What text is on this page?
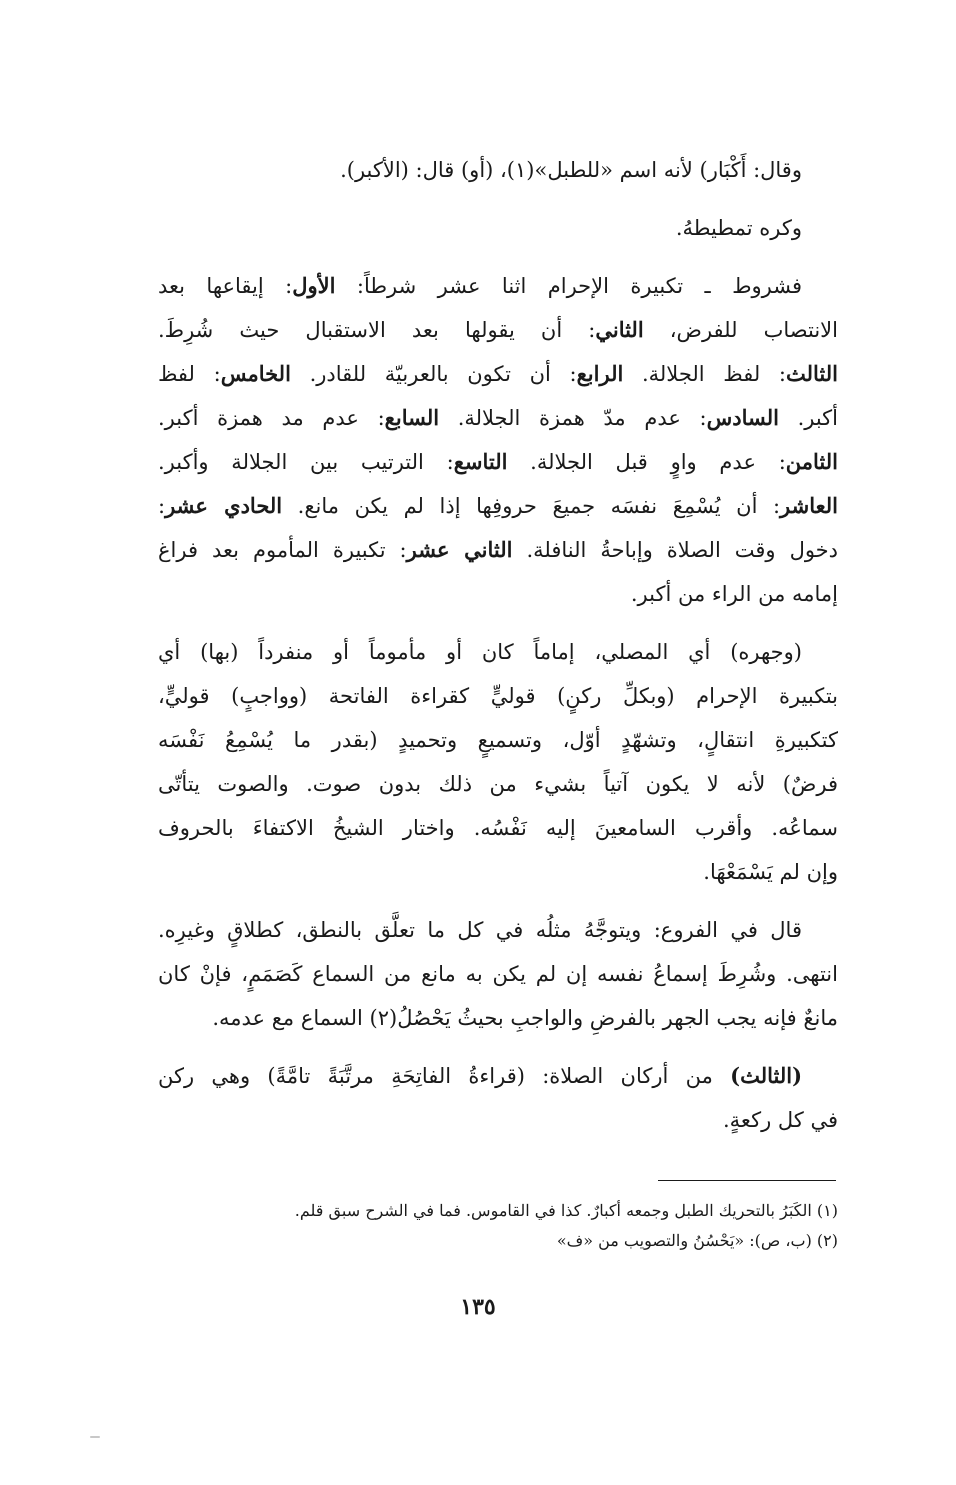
وقال: أَكْبَار) لأنه اسم «للطبل»(١)، (أو) قال: (الأكبر).
وكره تمطيطهُ.
فشروط ـ تكبيرة الإحرام اثنا عشر شرطاً: الأول: إيقاعها بعد
الانتصاب للفرض، الثاني: أن يقولها بعد الاستقبال حيث شُرِطَ.
الثالث: لفظ الجلالة. الرابع: أن تكون بالعربيّة للقادر. الخامس: لفظ
أكبر. السادس: عدم مدّ همزة الجلالة. السابع: عدم مد همزة أكبر.
الثامن: عدم واوٍ قبل الجلالة. التاسع: الترتيب بين الجلالة وأكبر.
العاشر: أن يُسْمِعَ نفسَه جميعَ حروفِها إذا لم يكن مانع. الحادي عشر:
دخول وقت الصلاة وإباحةُ النافلة. الثاني عشر: تكبيرة المأموم بعد فراغ
إمامه من الراء من أكبر.
(وجهره) أي المصلي، إماماً كان أو مأموماً أو منفرداً (بها) أي
بتكبيرة الإحرام (وبكلِّ ركنٍ) قوليٍّ كقراءة الفاتحة (وواجبٍ) قوليٍّ،
كتكبيرةِ انتقالٍ، وتشهّدٍ أوّل، وتسميعٍ وتحميدٍ (بقدر ما يُسْمِعُ نَفْسَه
فرضٌ) لأنه لا يكون آتياً بشيء من ذلك بدون صوت. والصوت يتأتّى
سماعُه. وأقرب السامعينَ إليه نَفْسُه. واختار الشيخُ الاكتفاءَ بالحروف
وإن لم يَسْمَعْهَا.
قال في الفروع: ويتوجَّهُ مثلُه في كل ما تعلَّق بالنطق، كطلاقٍ وغيرِه.
انتهى. وشُرِطَ إسماعُ نفسه إن لم يكن به مانع من السماع كَصَمَمٍ، فإنْ كان
مانعٌ فإنه يجب الجهر بالفرضِ والواجبِ بحيثُ يَحْصُلُ(٢) السماع مع عدمه.
(الثالث) من أركان الصلاة: (قراءةُ الفاتِحَةِ مرتَّبَةً تامَّةً) وهي ركن
في كل ركعةٍ.
(١) الكَبَرُ بالتحريك الطبل وجمعه أكبارٌ. كذا في القاموس. فما في الشرح سبق قلم.
(٢) (ب، ص): «يَحْسُنُ والتصويب من «ف»
١٣٥
